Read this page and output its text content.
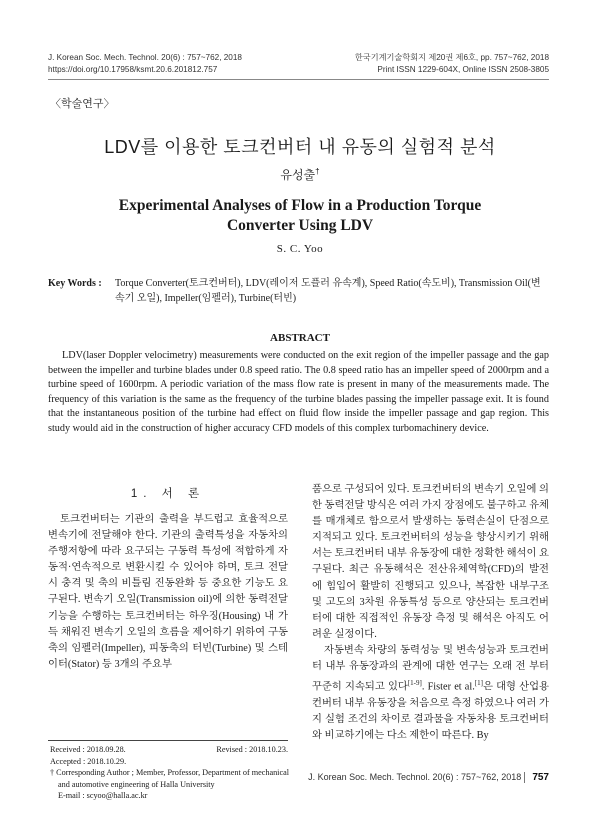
J. Korean Soc. Mech. Technol. 20(6) : 757~762, 2018
https://doi.org/10.17958/ksmt.20.6.201812.757
한국기계기술학회지 제20권 제6호, pp. 757~762, 2018
Print ISSN 1229-604X, Online ISSN 2508-3805
〈학술연구〉
LDV를 이용한 토크컨버터 내 유동의 실험적 분석
유성출†
Experimental Analyses of Flow in a Production Torque Converter Using LDV
S. C. Yoo
Key Words : Torque Converter(토크컨버터), LDV(레이저 도플러 유속계), Speed Ratio(속도비), Transmission Oil(변속기 오일), Impeller(임펠러), Turbine(터빈)
ABSTRACT

LDV(laser Doppler velocimetry) measurements were conducted on the exit region of the impeller passage and the gap between the impeller and turbine blades under 0.8 speed ratio. The 0.8 speed ratio has an impeller speed of 2000rpm and a turbine speed of 1600rpm. A periodic variation of the mass flow rate is present in many of the measurements made. The frequency of this variation is the same as the frequency of the turbine blades passing the impeller passage exit. It is found that the instantaneous position of the turbine had effect on fluid flow inside the impeller passage and gap region. This study would aid in the construction of higher accuracy CFD models of this complex turbomachinery device.

1. 서 론

토크컨버터는 기관의 출력을 부드럽고 효율적으로 변속기에 전달해야 한다. 기관의 출력특성을 자동차의 주행저항에 따라 요구되는 구동력 특성에 적합하게 자동적·연속적으로 변환시킬 수 있어야 하며, 토크 전달시 충격 및 축의 비틀림 진동완화 등 중요한 기능도 요구된다. 변속기 오일(Transmission oil)에 의한 동력전달 기능을 수행하는 토크컨버터는 하우징(Housing) 내 가득 채워진 변속기 오일의 흐름을 제어하기 위하여 구동축의 임펠러(Impeller), 피동축의 터빈(Turbine) 및 스테이터(Stator) 등 3개의 주요부

품으로 구성되어 있다. 토크컨버터의 변속기 오일에 의한 동력전달 방식은 여러 가지 장점에도 불구하고 유체를 매개체로 함으로서 발생하는 동력손실이 단점으로 지적되고 있다. 토크컨버터의 성능을 향상시키기 위해서는 토크컨버터 내부 유동장에 대한 정확한 해석이 요구된다. 최근 유동해석은 전산유체역학(CFD)의 발전에 힘입어 활발히 진행되고 있으나, 복잡한 내부구조 및 고도의 3차원 유동특성 등으로 양산되는 토크컨버터에 대한 직접적인 유동장 측정 및 해석은 아직도 어려운 실정이다.

자동변속 차량의 동력성능 및 변속성능과 토크컨버터 내부 유동장과의 관계에 대한 연구는 오래 전 부터 꾸준히 지속되고 있다[1-9]. Fister et al.[1]은 대형 산업용 컨버터 내부 유동장을 처음으로 측정 하였으나 여러 가지 실험 조건의 차이로 결과물을 자동차용 토크컨버터와 비교하기에는 다소 제한이 따른다. By

Received : 2018.09.28.	Revised : 2018.10.23.
Accepted : 2018.10.29.
† Corresponding Author ; Member, Professor, Department of mechanical and automotive engineering of Halla University
E-mail : scyoo@halla.ac.kr
J. Korean Soc. Mech. Technol. 20(6) : 757~762, 2018 757
